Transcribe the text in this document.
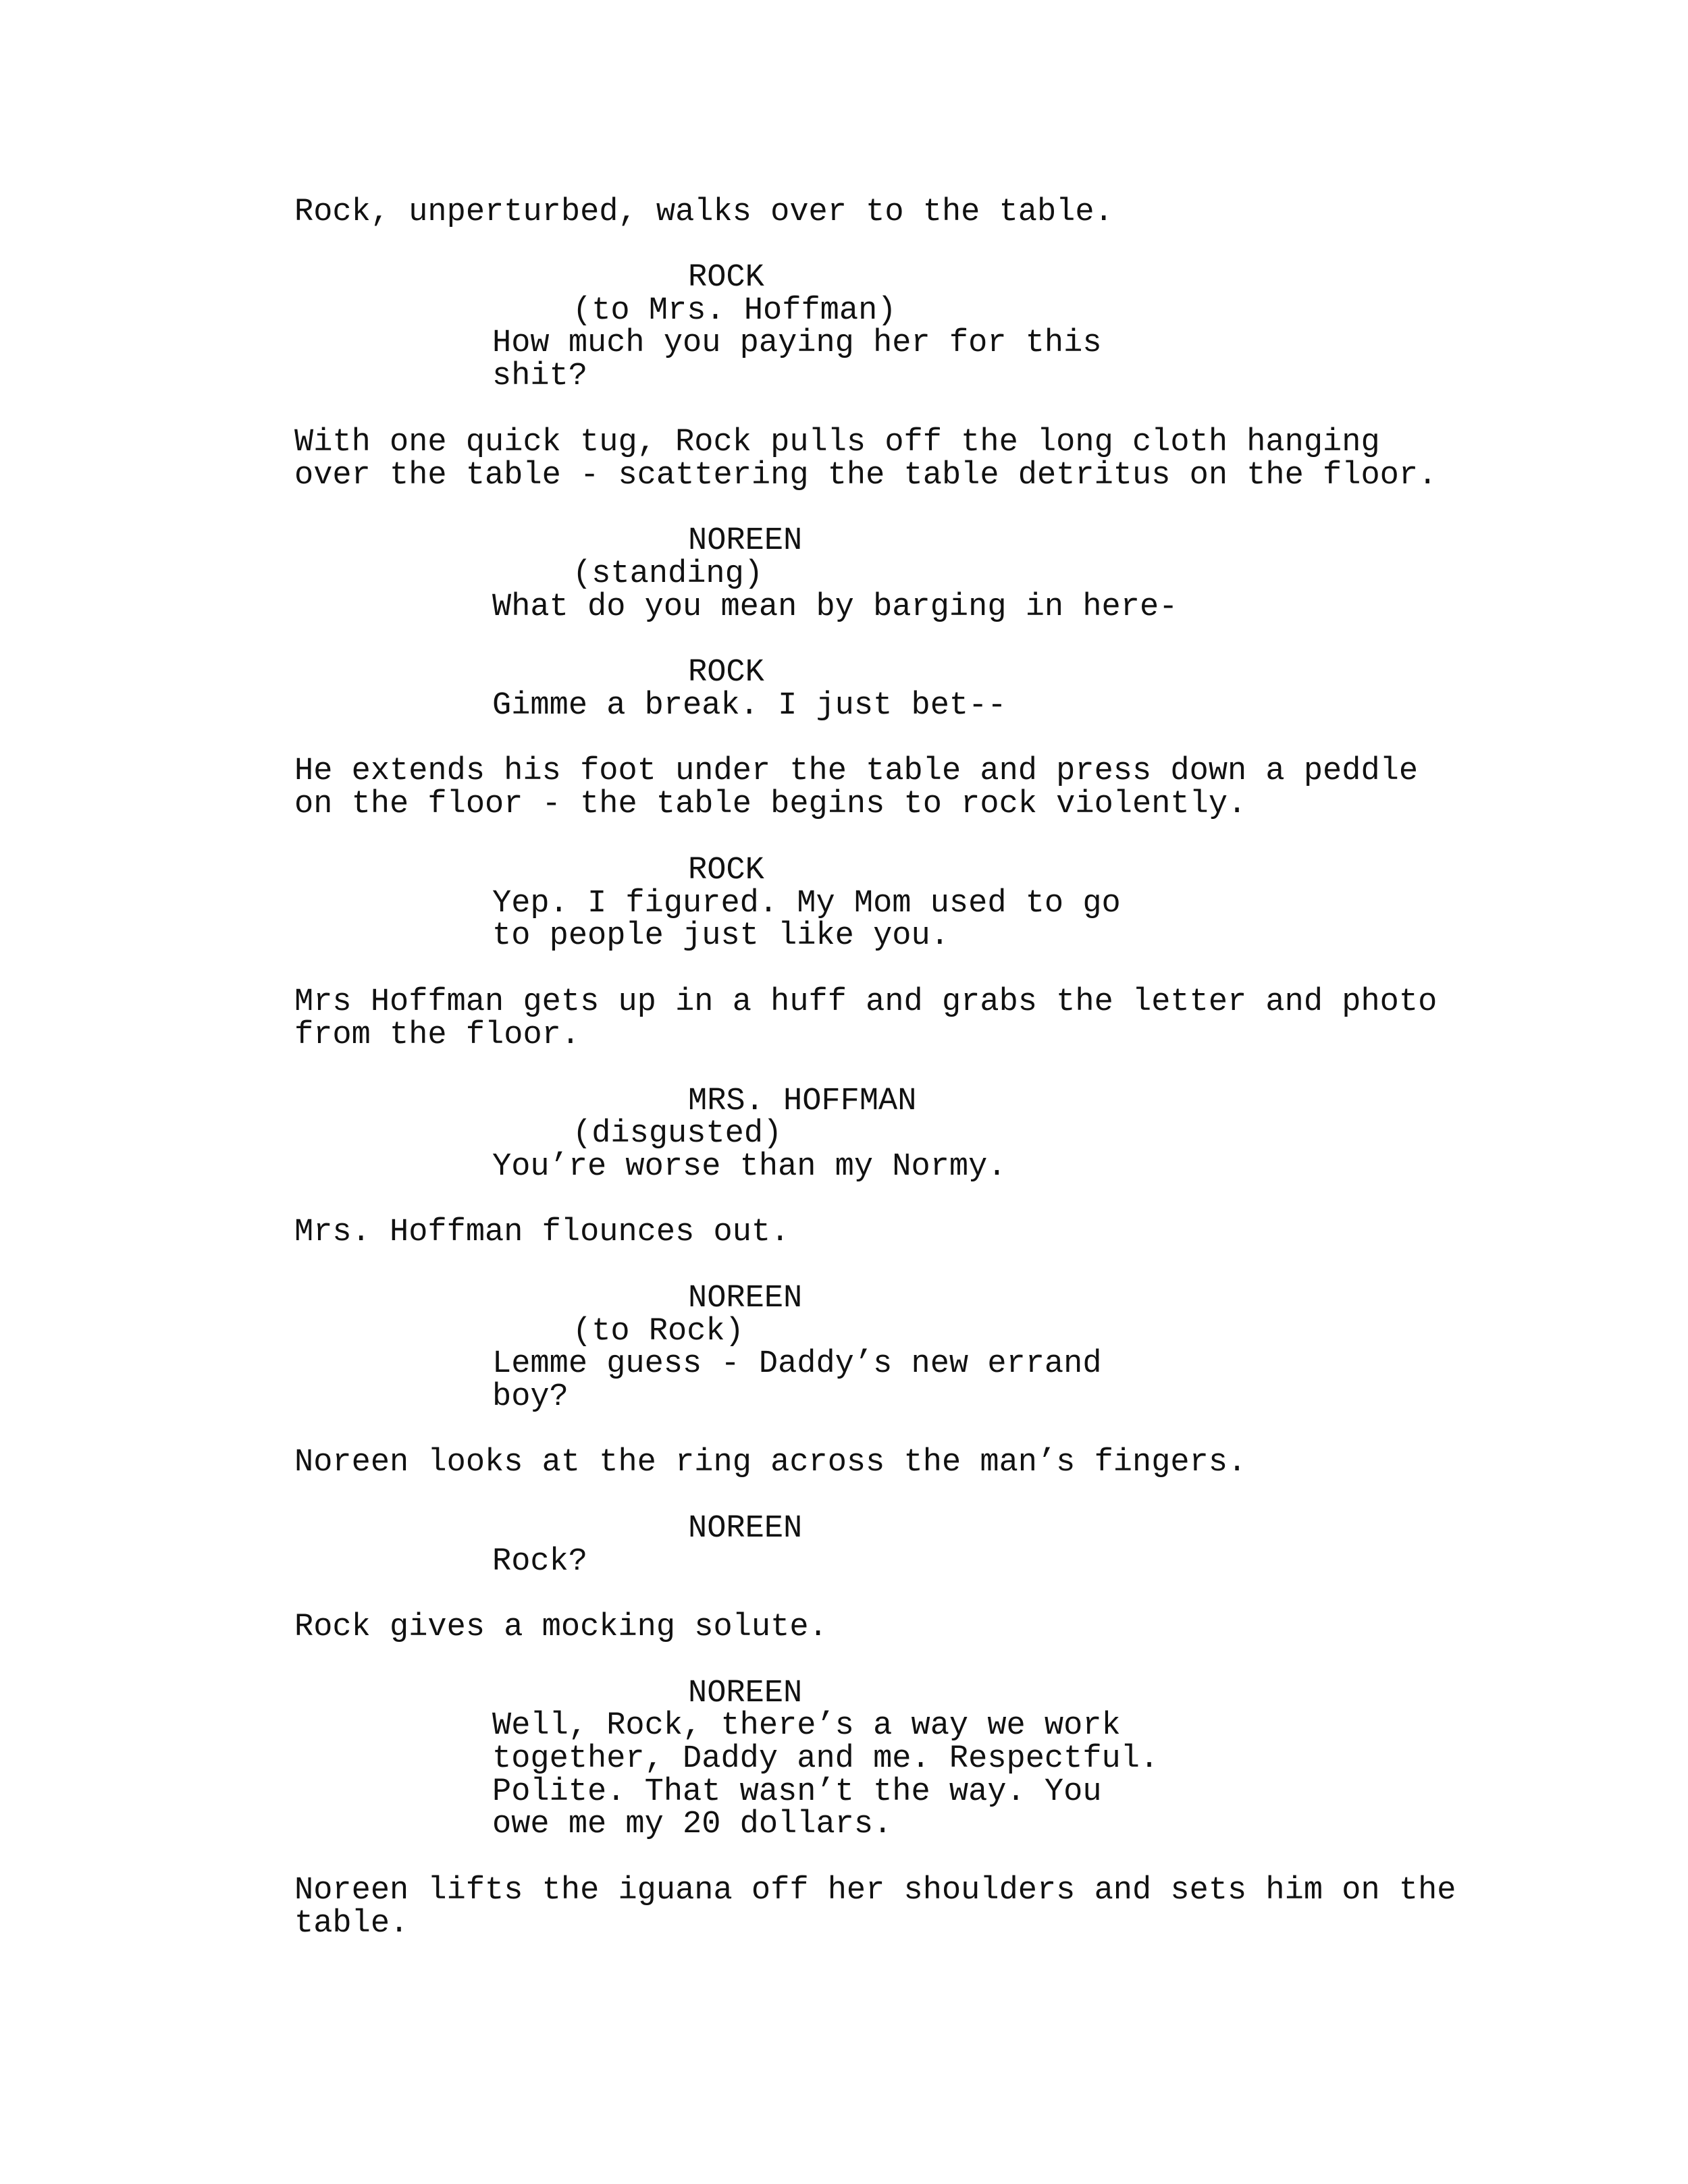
Rock, unperturbed, walks over to the table.

ROCK

(to Mrs. Hoffman)

How much you paying her for this

shit?

With one quick tug, Rock pulls off the long cloth hanging

over the table - scattering the table detritus on the floor.

NOREEN

(standing)

What do you mean by barging in here-

ROCK

Gimme a break. I just bet--

He extends his foot under the table and press down a peddle

on the floor - the table begins to rock violently.

ROCK

Yep. I figured. My Mom used to go

to people just like you.

Mrs Hoffman gets up in a huff and grabs the letter and photo

from the floor.

MRS. HOFFMAN

(disgusted)

You’re worse than my Normy.

Mrs. Hoffman flounces out.

NOREEN

(to Rock)

Lemme guess - Daddy’s new errand

boy?

Noreen looks at the ring across the man’s fingers.

NOREEN

Rock?

Rock gives a mocking solute.

NOREEN

Well, Rock, there’s a way we work

together, Daddy and me. Respectful.

Polite. That wasn’t the way. You

owe me my 20 dollars.

Noreen lifts the iguana off her shoulders and sets him on the

table.
